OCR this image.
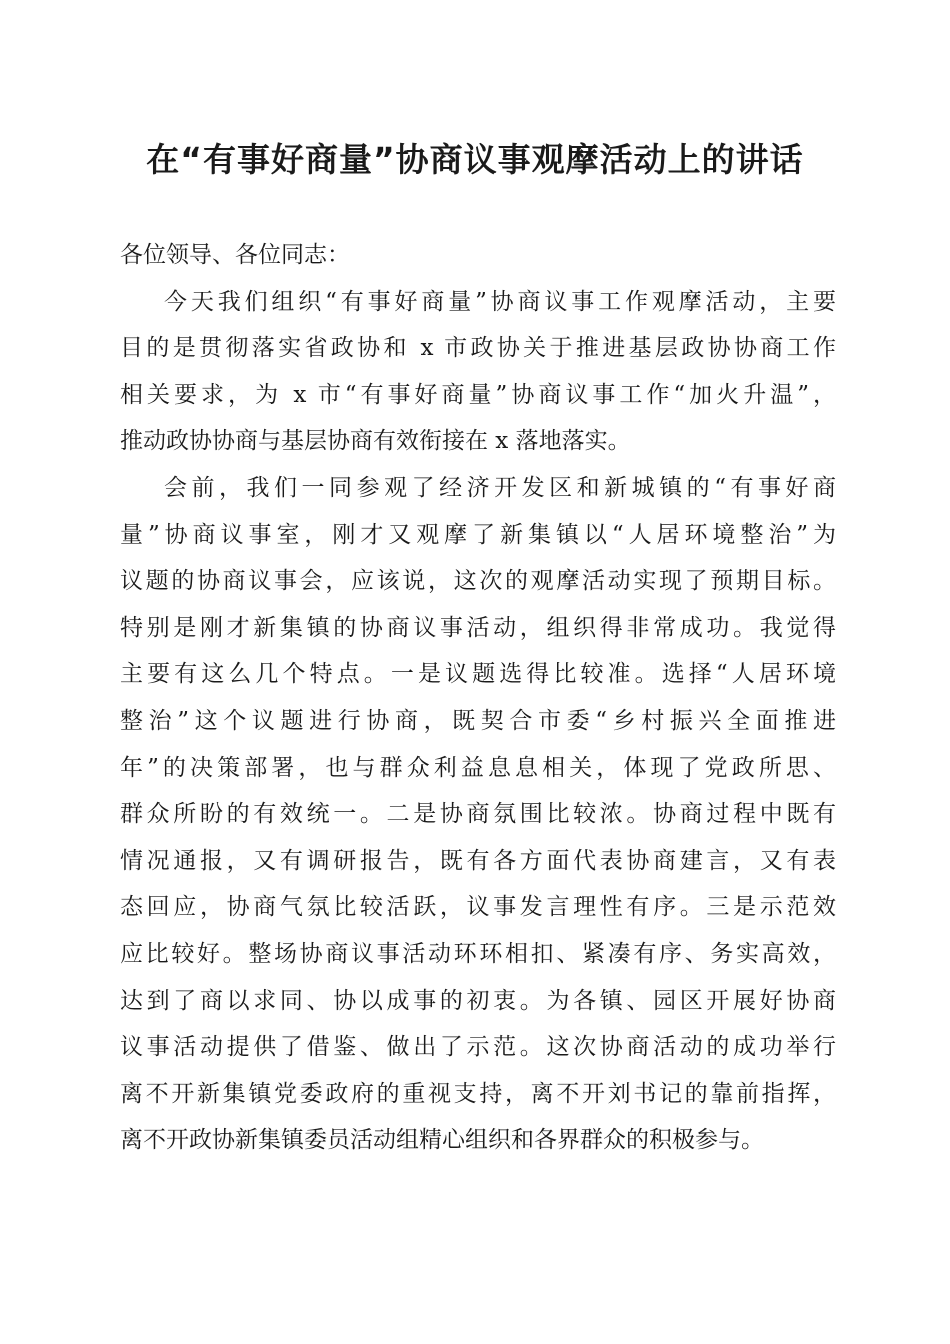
在“有事好商量”协商议事观摩活动上的讲话
各位领导、各位同志：
今天我们组织“有事好商量”协商议事工作观摩活动，主要
目的是贯彻落实省政协和 x 市政协关于推进基层政协协商工作
相关要求，为 x 市“有事好商量”协商议事工作“加火升温”，
推动政协协商与基层协商有效衔接在 x 落地落实。
会前，我们一同参观了经济开发区和新城镇的“有事好商
量”协商议事室，刚才又观摩了新集镇以“人居环境整治”为
议题的协商议事会，应该说，这次的观摩活动实现了预期目标。
特别是刚才新集镇的协商议事活动，组织得非常成功。我觉得
主要有这么几个特点。一是议题选得比较准。选择“人居环境
整治”这个议题进行协商，既契合市委“乡村振兴全面推进
年”的决策部署，也与群众利益息息相关，体现了党政所思、
群众所盼的有效统一。二是协商氛围比较浓。协商过程中既有
情况通报，又有调研报告，既有各方面代表协商建言，又有表
态回应，协商气氛比较活跃，议事发言理性有序。三是示范效
应比较好。整场协商议事活动环环相扣、紧凑有序、务实高效，
达到了商以求同、协以成事的初衷。为各镇、园区开展好协商
议事活动提供了借鉴、做出了示范。这次协商活动的成功举行
离不开新集镇党委政府的重视支持，离不开刘书记的靠前指挥，
离不开政协新集镇委员活动组精心组织和各界群众的积极参与。
